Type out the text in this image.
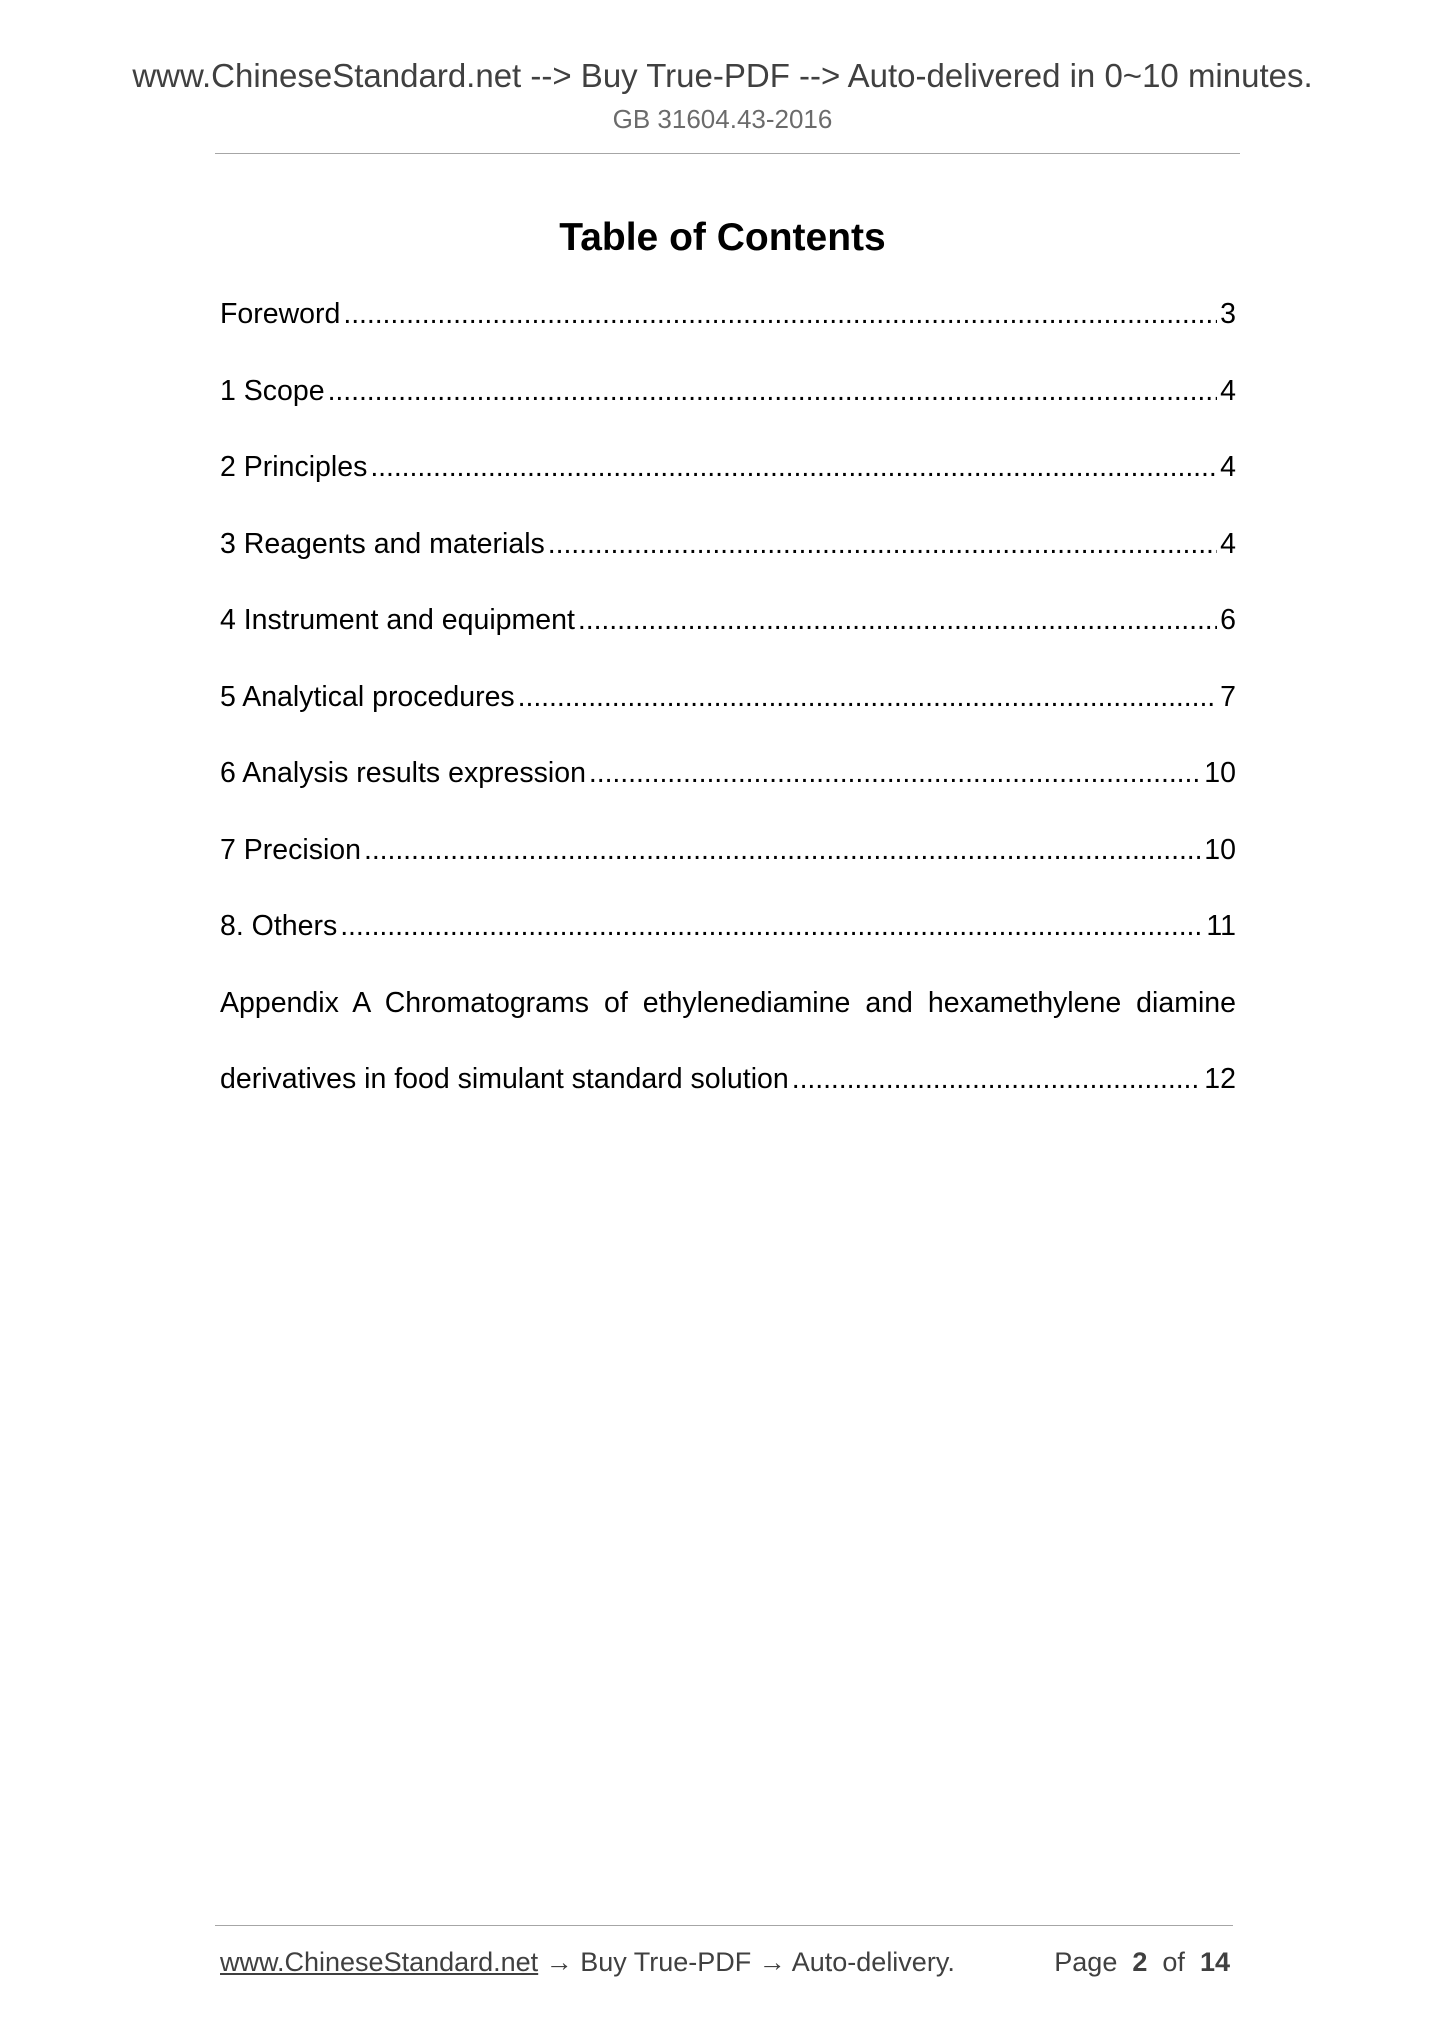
www.ChineseStandard.net --> Buy True-PDF --> Auto-delivered in 0~10 minutes.
GB 31604.43-2016
Table of Contents
Foreword . . .	3
1 Scope . . .	4
2 Principles . . .	4
3 Reagents and materials . . .	4
4 Instrument and equipment . . .	6
5 Analytical procedures . . .	7
6 Analysis results expression . . .	10
7 Precision . . .	10
8. Others . . .	11
Appendix A Chromatograms of ethylenediamine and hexamethylene diamine
derivatives in food simulant standard solution . . .	12
www.ChineseStandard.net → Buy True-PDF → Auto-delivery.	Page 2 of 14
